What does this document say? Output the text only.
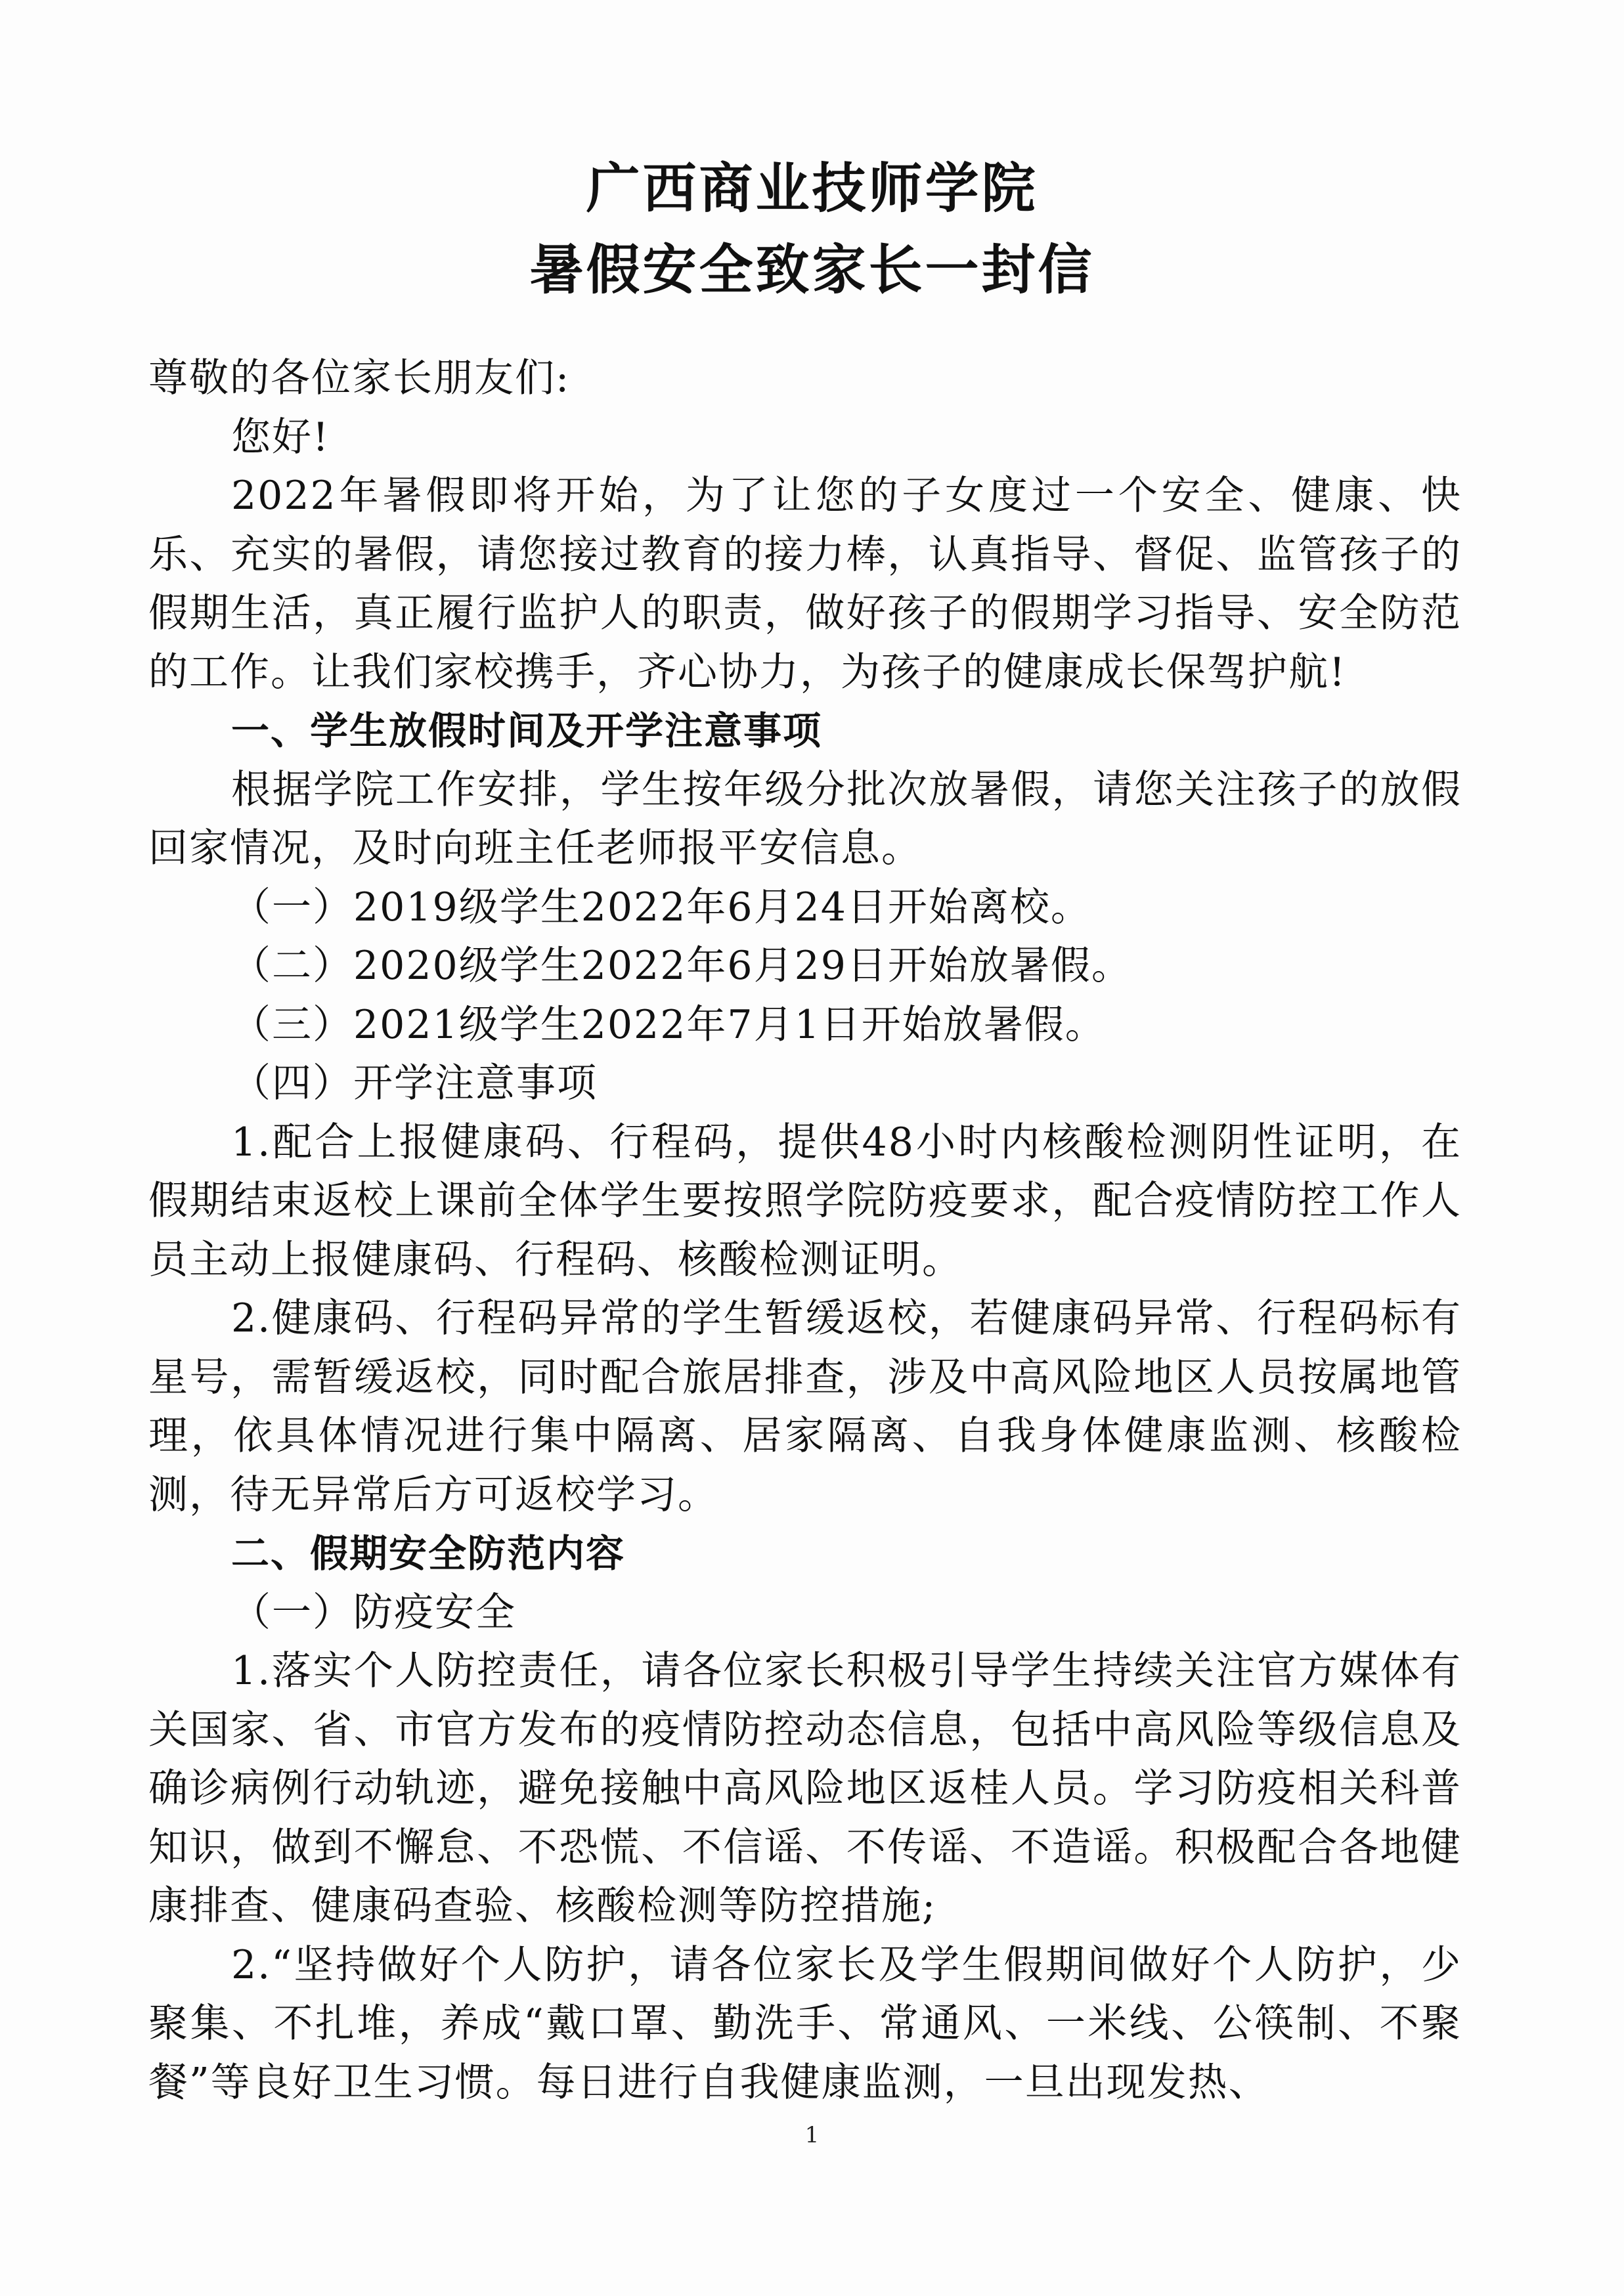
广西商业技师学院
暑假安全致家长一封信

尊敬的各位家长朋友们:

您好!

2022年暑假即将开始，为了让您的子女度过一个安全、健康、快乐、充实的暑假，请您接过教育的接力棒，认真指导、督促、监管孩子的假期生活，真正履行监护人的职责，做好孩子的假期学习指导、安全防范的工作。让我们家校携手，齐心协力，为孩子的健康成长保驾护航!

一、学生放假时间及开学注意事项

根据学院工作安排，学生按年级分批次放暑假，请您关注孩子的放假回家情况，及时向班主任老师报平安信息。

（一）2019级学生2022年6月24日开始离校。

（二）2020级学生2022年6月29日开始放暑假。

（三）2021级学生2022年7月1日开始放暑假。

（四）开学注意事项

1.配合上报健康码、行程码，提供48小时内核酸检测阴性证明，在假期结束返校上课前全体学生要按照学院防疫要求，配合疫情防控工作人员主动上报健康码、行程码、核酸检测证明。

2.健康码、行程码异常的学生暂缓返校，若健康码异常、行程码标有星号，需暂缓返校，同时配合旅居排查，涉及中高风险地区人员按属地管理，依具体情况进行集中隔离、居家隔离、自我身体健康监测、核酸检测，待无异常后方可返校学习。

二、假期安全防范内容

（一）防疫安全

1.落实个人防控责任，请各位家长积极引导学生持续关注官方媒体有关国家、省、市官方发布的疫情防控动态信息，包括中高风险等级信息及确诊病例行动轨迹，避免接触中高风险地区返桂人员。学习防疫相关科普知识，做到不懈怠、不恐慌、不信谣、不传谣、不造谣。积极配合各地健康排查、健康码查验、核酸检测等防控措施;

2.“坚持做好个人防护，请各位家长及学生假期间做好个人防护，少聚集、不扎堆，养成“戴口罩、勤洗手、常通风、一米线、公筷制、不聚餐”等良好卫生习惯。每日进行自我健康监测，一旦出现发热、

1
